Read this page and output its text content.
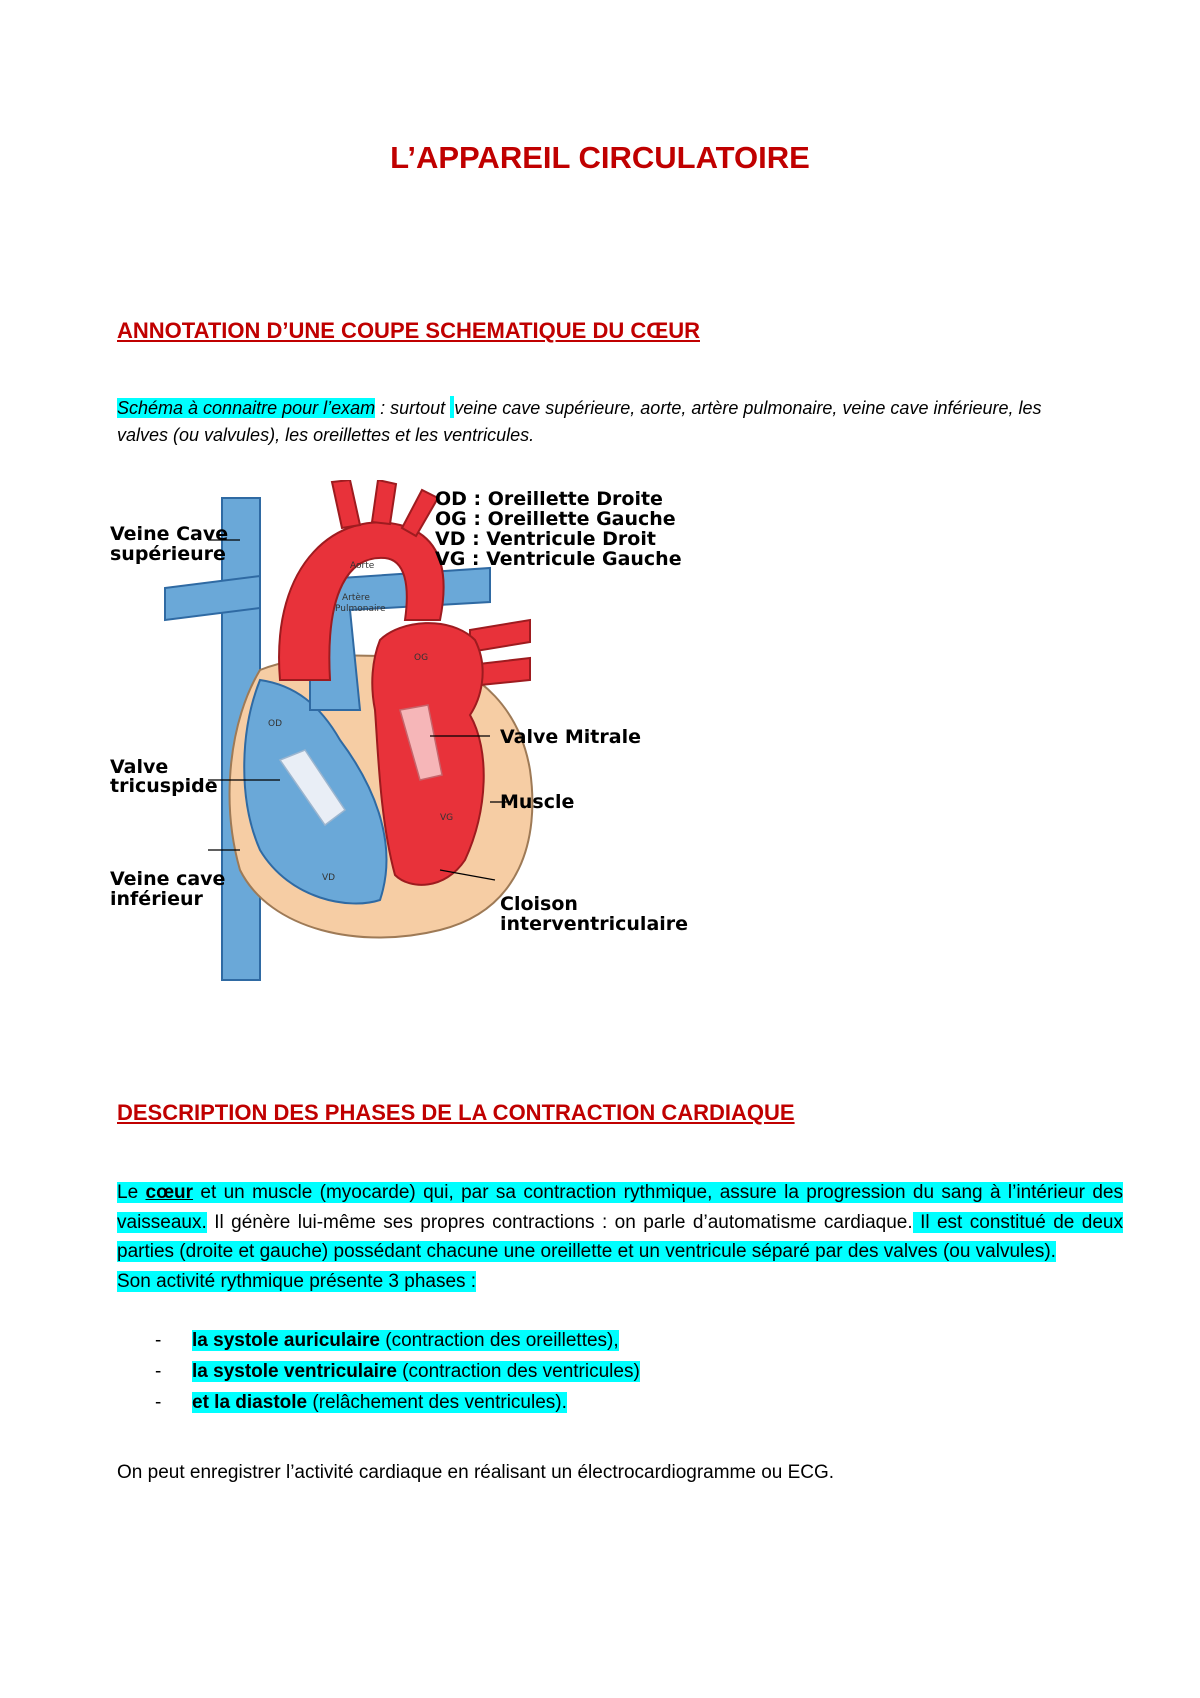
L’APPAREIL CIRCULATOIRE
ANNOTATION D’UNE COUPE SCHEMATIQUE DU CŒUR

Schéma à connaitre pour l’exam : surtout veine cave supérieure, aorte, artère pulmonaire, veine cave inférieure, les valves (ou valvules), les oreillettes et les ventricules.

Aorte
Artère
Pulmonaire
OD
OG
VD
VG
Veine Cave
supérieure
Valve
tricuspide
Veine cave
inférieur
Valve Mitrale
Muscle
Cloison
interventriculaire
OD : Oreillette Droite
OG : Oreillette Gauche
VD : Ventricule Droit
VG : Ventricule Gauche
DESCRIPTION DES PHASES DE LA CONTRACTION CARDIAQUE

Le cœur et un muscle (myocarde) qui, par sa contraction rythmique, assure la progression du sang à l’intérieur des vaisseaux. Il génère lui-même ses propres contractions : on parle d’automatisme cardiaque. Il est constitué de deux parties (droite et gauche) possédant chacune une oreillette et un ventricule séparé par des valves (ou valvules).
Son activité rythmique présente 3 phases :

- la systole auriculaire (contraction des oreillettes),
- la systole ventriculaire (contraction des ventricules)
- et la diastole (relâchement des ventricules).

On peut enregistrer l’activité cardiaque en réalisant un électrocardiogramme ou ECG.
